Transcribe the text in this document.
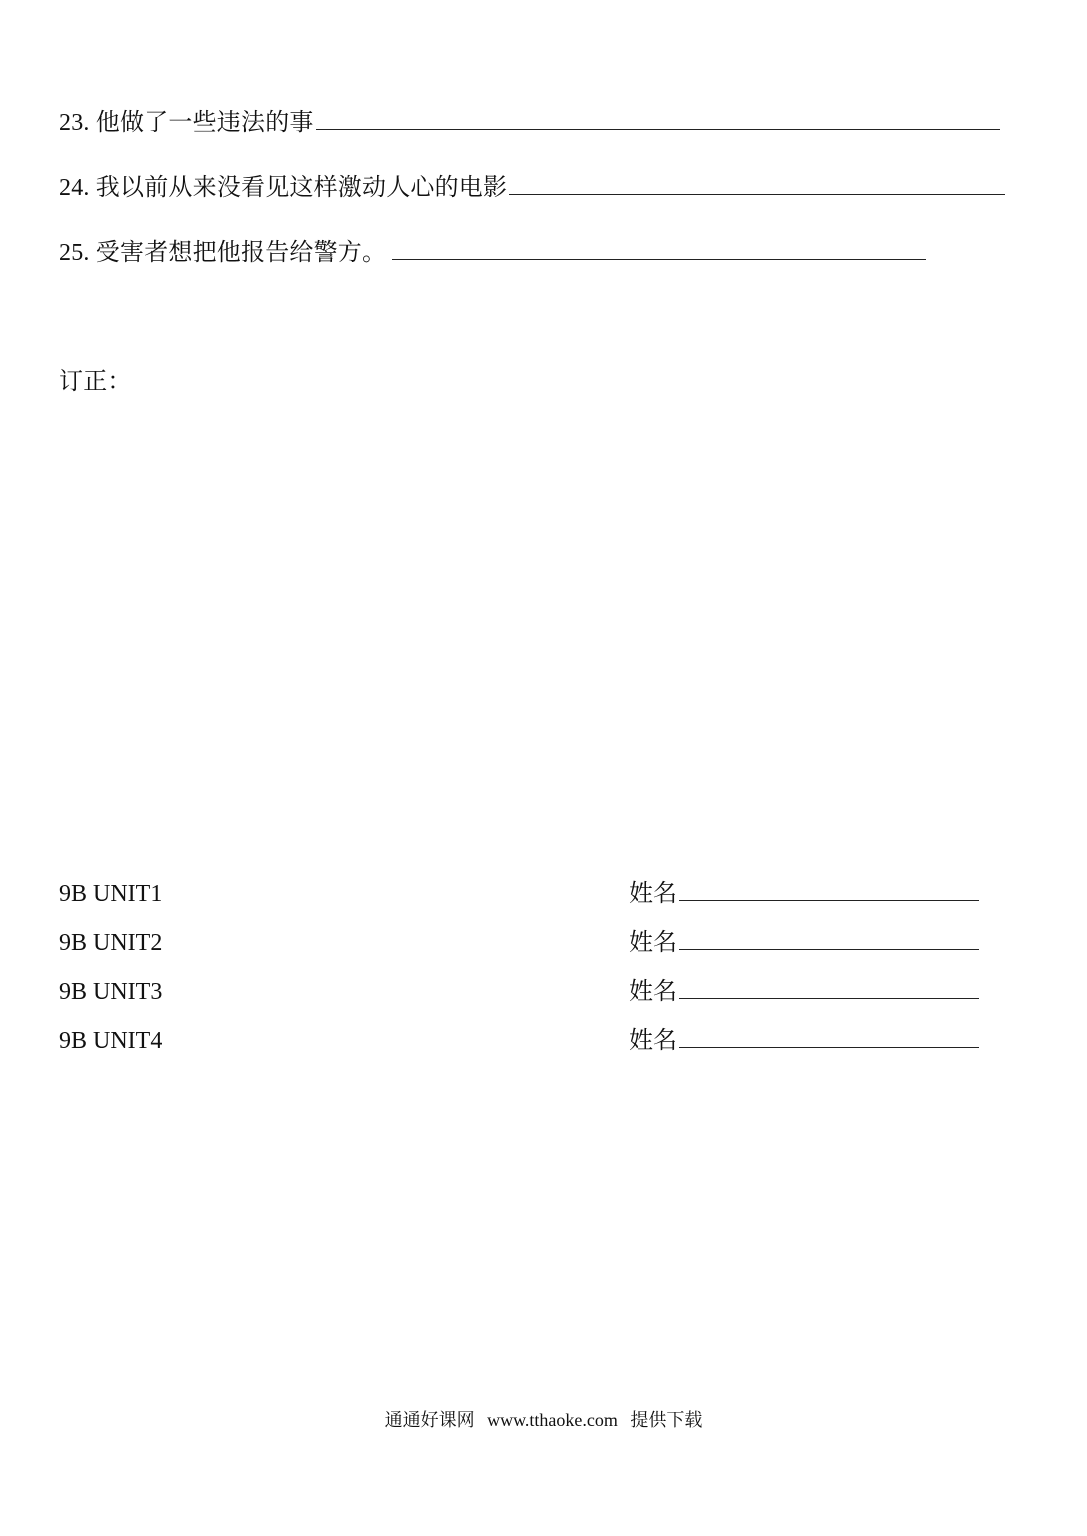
23. 他做了一些违法的事
24. 我以前从来没看见这样激动人心的电影
25. 受害者想把他报告给警方。
订正：
9B UNIT1	姓名
9B UNIT2	姓名
9B UNIT3	姓名
9B UNIT4	姓名
通通好课网 www.tthaoke.com 提供下载
